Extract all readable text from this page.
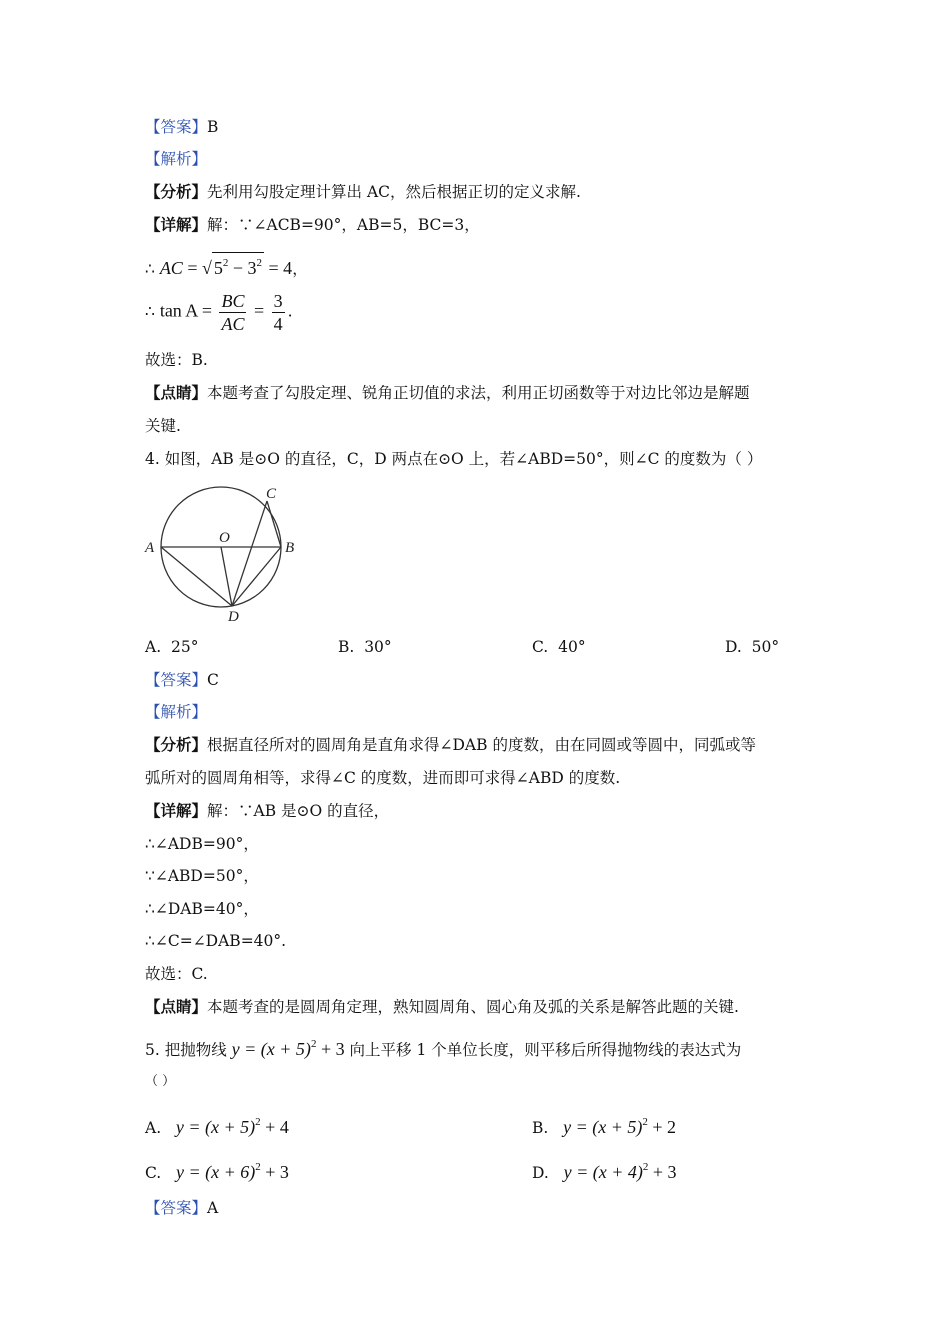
【答案】B
【解析】
【分析】先利用勾股定理计算出 AC，然后根据正切的定义求解.
【详解】解：∵∠ACB=90°，AB=5，BC=3，
∴ AC = √ $5^2 - 3^2 = 4$，
∴ $\tan A = \frac{BC}{AC} = \frac{3}{4}$ .
故选：B.
【点睛】本题考查了勾股定理、锐角正切值的求法，利用正切函数等于对边比邻边是解题
关键.
4. 如图，AB 是⊙O 的直径，C，D 两点在⊙O 上，若∠ABD=50°，则∠C 的度数为（ ）
A	B
C
D
O
A. 25°	B. 30°	C. 40°	D. 50°
【答案】C
【解析】
【分析】根据直径所对的圆周角是直角求得∠DAB 的度数，由在同圆或等圆中，同弧或等
弧所对的圆周角相等，求得∠C 的度数，进而即可求得∠ABD 的度数.
【详解】解：∵AB 是⊙O 的直径，
∴∠ADB=90°，
∵∠ABD=50°，
∴∠DAB=40°，
∴∠C=∠DAB=40°.
故选：C.
【点睛】本题考查的是圆周角定理，熟知圆周角、圆心角及弧的关系是解答此题的关键.
5. 把抛物线 $y = (x + 5)^2 + 3$ 向上平移 1 个单位长度，则平移后所得抛物线的表达式为
（ ）
A. $y = (x + 5)^2 + 4$	B. $y = (x + 5)^2 + 2$
C. $y = (x + 6)^2 + 3$	D. $y = (x + 4)^2 + 3$
【答案】A
